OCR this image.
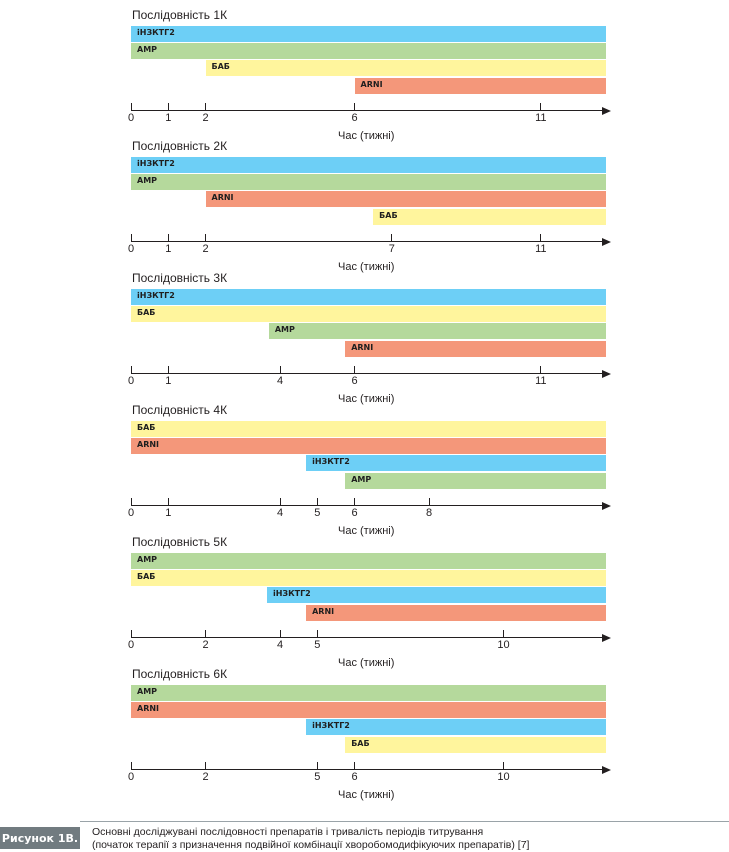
Послідовність 1К
іНЗКТГ2
АМР
БАБ
ARNI
0	1	2	6	11
Час (тижні)
Послідовність 2К
іНЗКТГ2
АМР
ARNI
БАБ
0	1	2	7	11
Час (тижні)
Послідовність 3К
іНЗКТГ2
БАБ
АМР
ARNI
0	1	4	6	11
Час (тижні)
Послідовність 4К
БАБ
ARNI
іНЗКТГ2
АМР
0	1	4	5	6	8
Час (тижні)
Послідовність 5К
АМР
БАБ
іНЗКТГ2
ARNI
0	2	4	5	10
Час (тижні)
Послідовність 6К
АМР
ARNI
іНЗКТГ2
БАБ
0	2	5	6	10
Час (тижні)
Рисунок 1В. Основні досліджувані послідовності препаратів і тривалість періодів титрування
(початок терапії з призначення подвійної комбінації хворобомодифікуючих препаратів) [7]
